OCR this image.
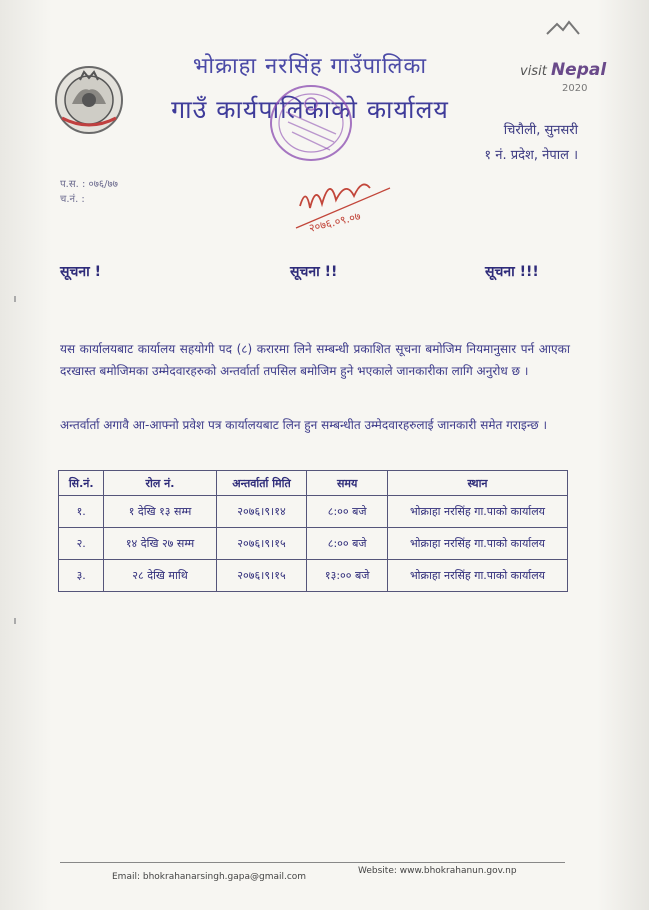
भोक्राहा नरसिंह गाउँपालिका
गाउँ कार्यपालिकाको कार्यालय
visit Nepal
2020
चिरौली, सुनसरी
१ नं. प्रदेश, नेपाल ।
प.स. : ०७६/७७
च.नं. :
२०७६.०९.०७
सूचना !	सूचना !!	सूचना !!!
यस कार्यालयबाट कार्यालय सहयोगी पद (८) करारमा लिने सम्बन्धी प्रकाशित सूचना बमोजिम नियमानुसार पर्न आएका दरखास्त बमोजिमका उम्मेदवारहरुको अन्तर्वार्ता तपसिल बमोजिम हुने भएकाले जानकारीका लागि अनुरोध छ ।
अन्तर्वार्ता अगावै आ-आफ्नो प्रवेश पत्र कार्यालयबाट लिन हुन सम्बन्धीत उम्मेदवारहरुलाई जानकारी समेत गराइन्छ ।
सि.नं.	रोल नं.	अन्तर्वार्ता मिति	समय	स्थान
१.	१ देखि १३ सम्म	२०७६।९।१४	८:०० बजे	भोक्राहा नरसिंह गा.पाको कार्यालय
२.	१४ देखि २७ सम्म	२०७६।९।१५	८:०० बजे	भोक्राहा नरसिंह गा.पाको कार्यालय
३.	२८ देखि माथि	२०७६।९।१५	१३:०० बजे	भोक्राहा नरसिंह गा.पाको कार्यालय
Email: bhokrahanarsingh.gapa@gmail.com
Website: www.bhokrahanun.gov.np
